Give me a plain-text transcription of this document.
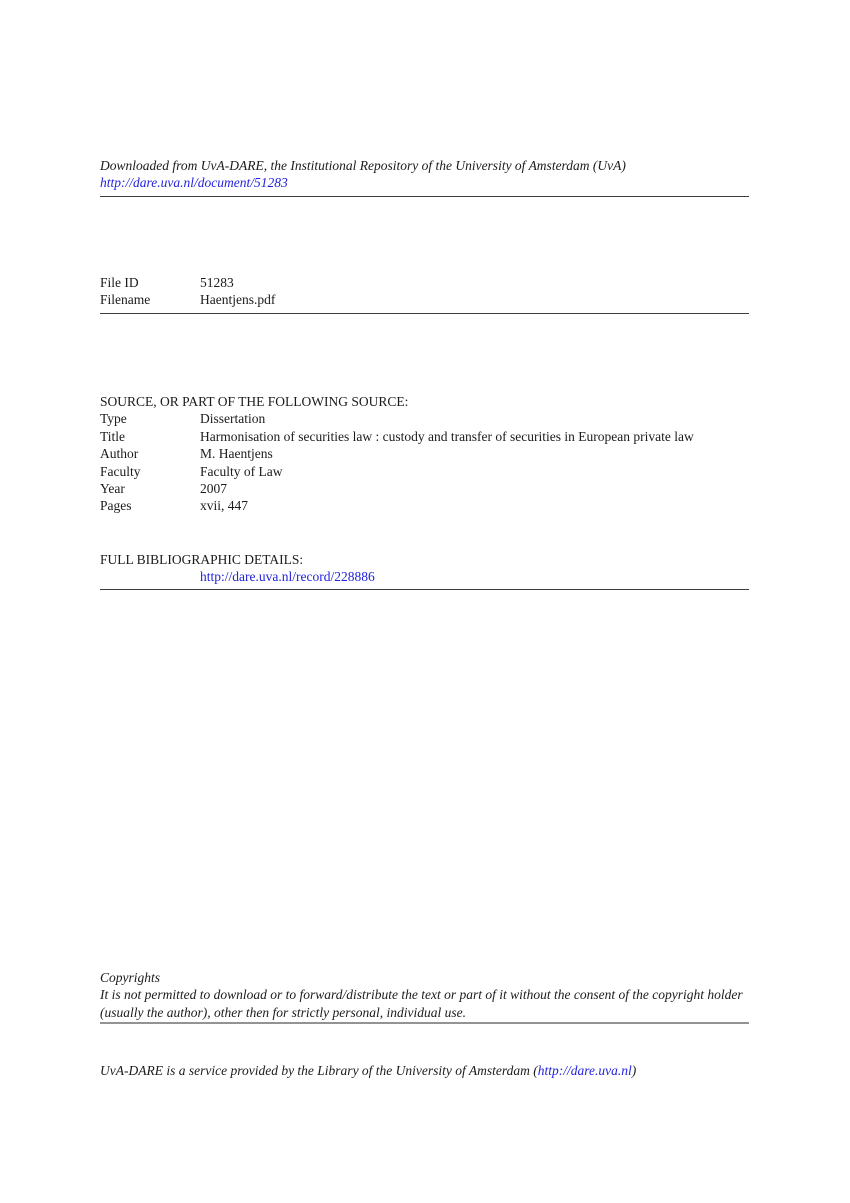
Downloaded from UvA-DARE, the Institutional Repository of the University of Amsterdam (UvA)
http://dare.uva.nl/document/51283
File ID	51283
Filename	Haentjens.pdf
SOURCE, OR PART OF THE FOLLOWING SOURCE:
Type	Dissertation
Title	Harmonisation of securities law : custody and transfer of securities in European private law
Author	M. Haentjens
Faculty	Faculty of Law
Year	2007
Pages	xvii, 447
FULL BIBLIOGRAPHIC DETAILS:
http://dare.uva.nl/record/228886
Copyrights
It is not permitted to download or to forward/distribute the text or part of it without the consent of the copyright holder
(usually the author), other then for strictly personal, individual use.
UvA-DARE is a service provided by the Library of the University of Amsterdam (http://dare.uva.nl)
